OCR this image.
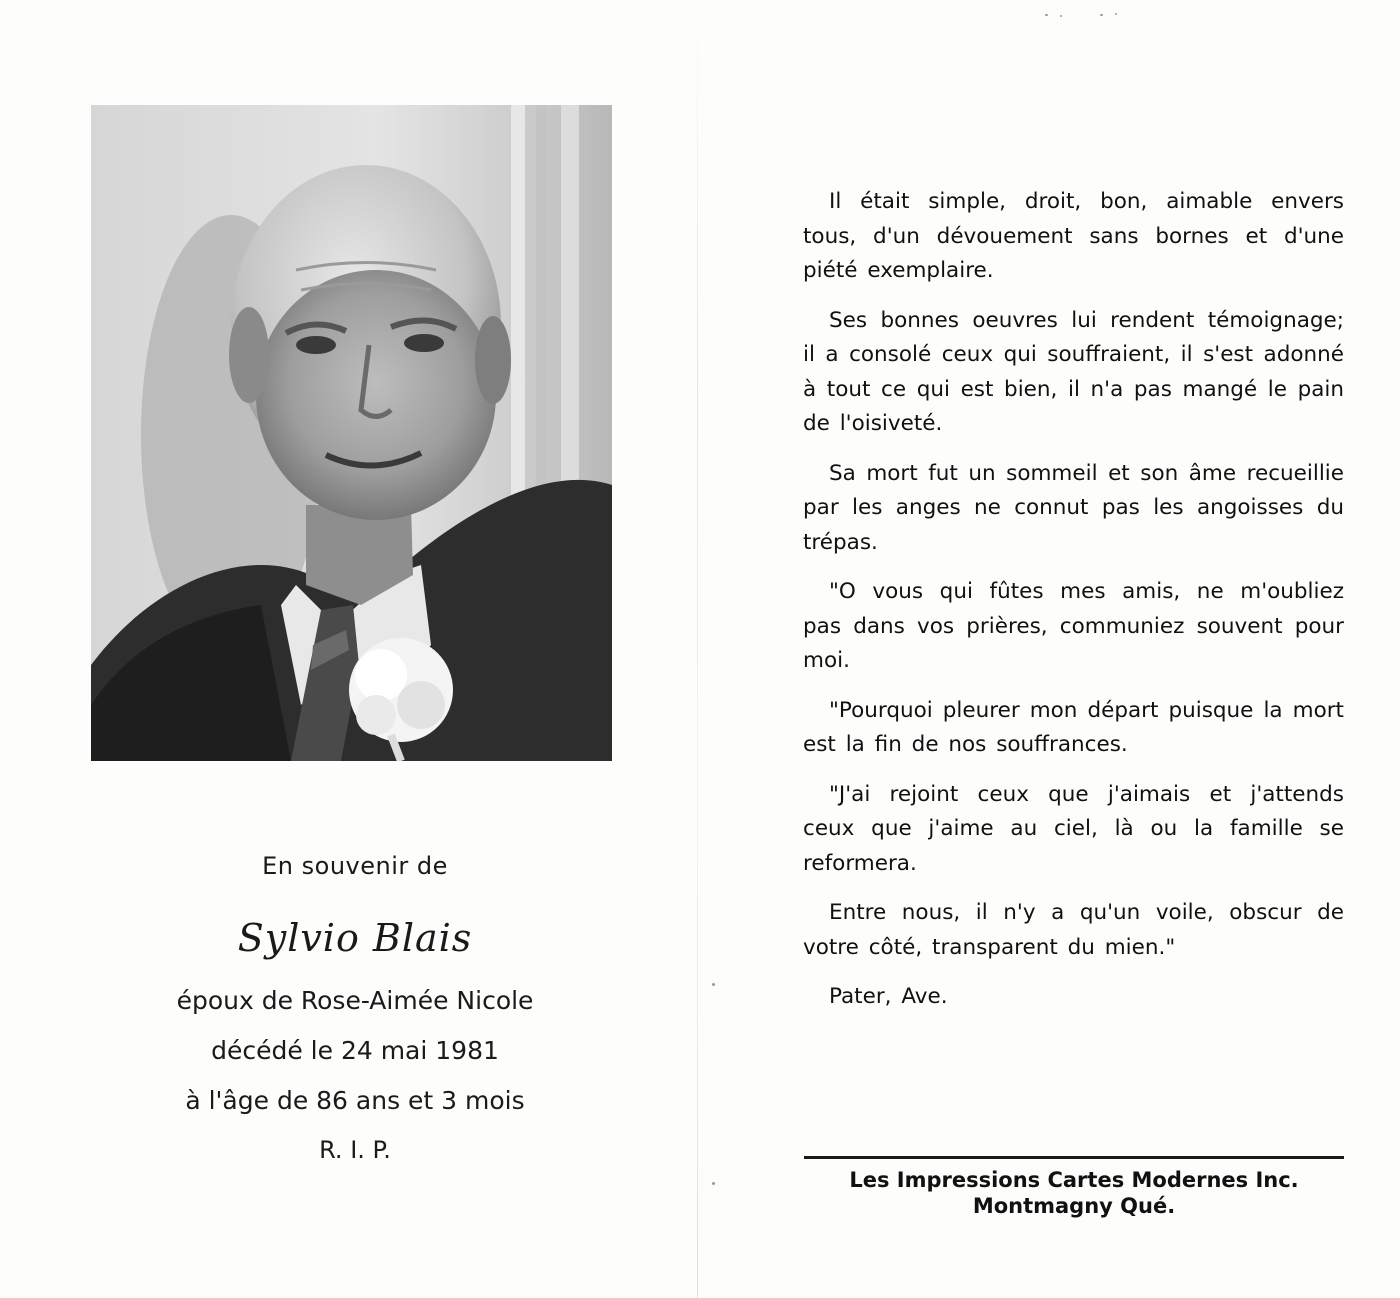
En souvenir de
Sylvio Blais
époux de Rose-Aimée Nicole
décédé le 24 mai 1981
à l'âge de 86 ans et 3 mois
R. I. P.

Il était simple, droit, bon, aimable envers tous, d'un dévouement sans bornes et d'une piété exemplaire.

Ses bonnes oeuvres lui rendent témoignage; il a consolé ceux qui souffraient, il s'est adonné à tout ce qui est bien, il n'a pas mangé le pain de l'oisiveté.

Sa mort fut un sommeil et son âme recueillie par les anges ne connut pas les angoisses du trépas.

"O vous qui fûtes mes amis, ne m'oubliez pas dans vos prières, communiez souvent pour moi.

"Pourquoi pleurer mon départ puisque la mort est la fin de nos souffrances.

"J'ai rejoint ceux que j'aimais et j'attends ceux que j'aime au ciel, là ou la famille se reformera.

Entre nous, il n'y a qu'un voile, obscur de votre côté, transparent du mien."

Pater, Ave.

Les Impressions Cartes Modernes Inc.
Montmagny Qué.
